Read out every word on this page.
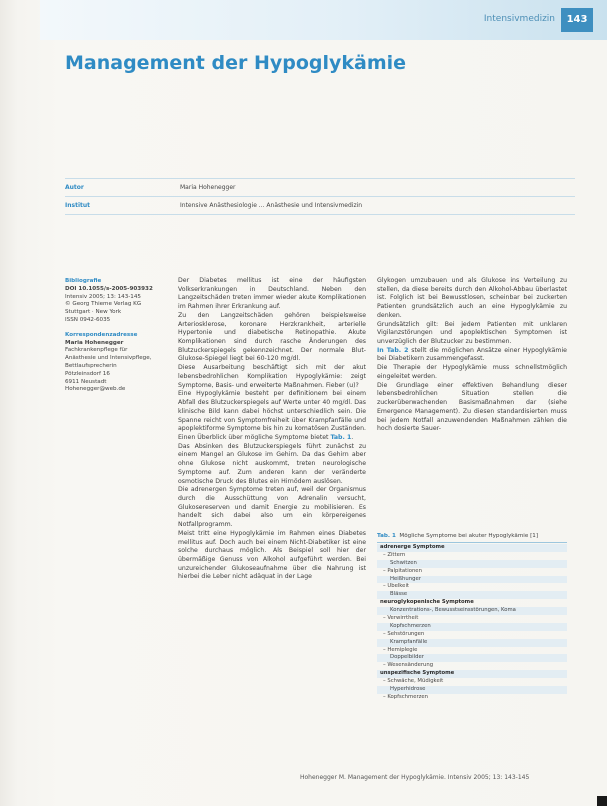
Intensivmedizin	143
Management der Hypoglykämie
Autor	Maria Hohenegger
Institut	Intensive Anästhesiologie ... Anästhesie und Intensivmedizin
Bibliografie
DOI 10.1055/s-2005-903932
Intensiv 2005; 13: 143-145
© Georg Thieme Verlag KG
Stuttgart · New York
ISSN 0942-6035
Korrespondenzadresse
Maria Hohenegger
Fachkrankenpflege für
Anästhesie und Intensivpflege,
Bettlaufsprecherin
Pötzleinsdorf 16
6911 Neustadt
Hohenegger@web.de

Der Diabetes mellitus ist eine der häufigsten Volkserkrankungen in Deutschland. Neben den Langzeitschäden treten immer wieder akute Komplikationen im Rahmen ihrer Erkrankung auf.

Zu den Langzeitschäden gehören beispielsweise Arteriosklerose, koronare Herzkrankheit, arterielle Hypertonie und diabetische Retinopathie. Akute Komplikationen sind durch rasche Änderungen des Blutzuckerspiegels gekennzeichnet. Der normale Blut-Glukose-Spiegel liegt bei 60-120 mg/dl.

Diese Ausarbeitung beschäftigt sich mit der akut lebensbedrohlichen Komplikation Hypoglykämie: zeigt Symptome, Basis- und erweiterte Maßnahmen. Fieber (u)?

Eine Hypoglykämie besteht per definitionem bei einem Abfall des Blutzuckerspiegels auf Werte unter 40 mg/dl. Das klinische Bild kann dabei höchst unterschiedlich sein. Die Spanne reicht von Symptomfreiheit über Krampfanfälle und apoplektiforme Symptome bis hin zu komatösen Zuständen. Einen Überblick über mögliche Symptome bietet Tab. 1.

Das Absinken des Blutzuckerspiegels führt zunächst zu einem Mangel an Glukose im Gehirn. Da das Gehirn aber ohne Glukose nicht auskommt, treten neurologische Symptome auf. Zum anderen kann der veränderte osmotische Druck des Blutes ein Hirnödem auslösen.

Die adrenergen Symptome treten auf, weil der Organismus durch die Ausschüttung von Adrenalin versucht, Glukosereserven und damit Energie zu mobilisieren. Es handelt sich dabei also um ein körpereigenes Notfallprogramm.

Meist tritt eine Hypoglykämie im Rahmen eines Diabetes mellitus auf. Doch auch bei einem Nicht-Diabetiker ist eine solche durchaus möglich. Als Beispiel soll hier der übermäßige Genuss von Alkohol aufgeführt werden. Bei unzureichender Glukoseaufnahme über die Nahrung ist hierbei die Leber nicht adäquat in der Lage

Glykogen umzubauen und als Glukose ins Verteilung zu stellen, da diese bereits durch den Alkohol-Abbau überlastet ist. Folglich ist bei Bewusstlosen, scheinbar bei zuckerten Patienten grundsätzlich auch an eine Hypoglykämie zu denken.

Grundsätzlich gilt: Bei jedem Patienten mit unklaren Vigilanzstörungen und apoplektischen Symptomen ist unverzüglich der Blutzucker zu bestimmen.

In Tab. 2 stellt die möglichen Ansätze einer Hypoglykämie bei Diabetikern zusammengefasst.

Die Therapie der Hypoglykämie muss schnellstmöglich eingeleitet werden.

Die Grundlage einer effektiven Behandlung dieser lebensbedrohlichen Situation stellen die zuckerüberwachenden Basismaßnahmen dar (siehe Emergence Management). Zu diesen standardisierten muss bei jedem Notfall anzuwendenden Maßnahmen zählen die hoch dosierte Sauer-

Tab. 1 Mögliche Symptome bei akuter Hypoglykämie [1]
adrenerge Symptome
– Zittern
Schwitzen
– Palpitationen
Heißhunger
– Übelkeit
Blässe
neuroglykopenische Symptome
Konzentrations-, Bewusstseinsstörungen, Koma
– Verwirrtheit
Kopfschmerzen
– Sehstörungen
Krampfanfälle
– Hemiplegie
Doppelbilder
– Wesensänderung
unspezifische Symptome
– Schwäche, Müdigkeit
Hyperhidrose
– Kopfschmerzen
Hohenegger M. Management der Hypoglykämie. Intensiv 2005; 13: 143-145
